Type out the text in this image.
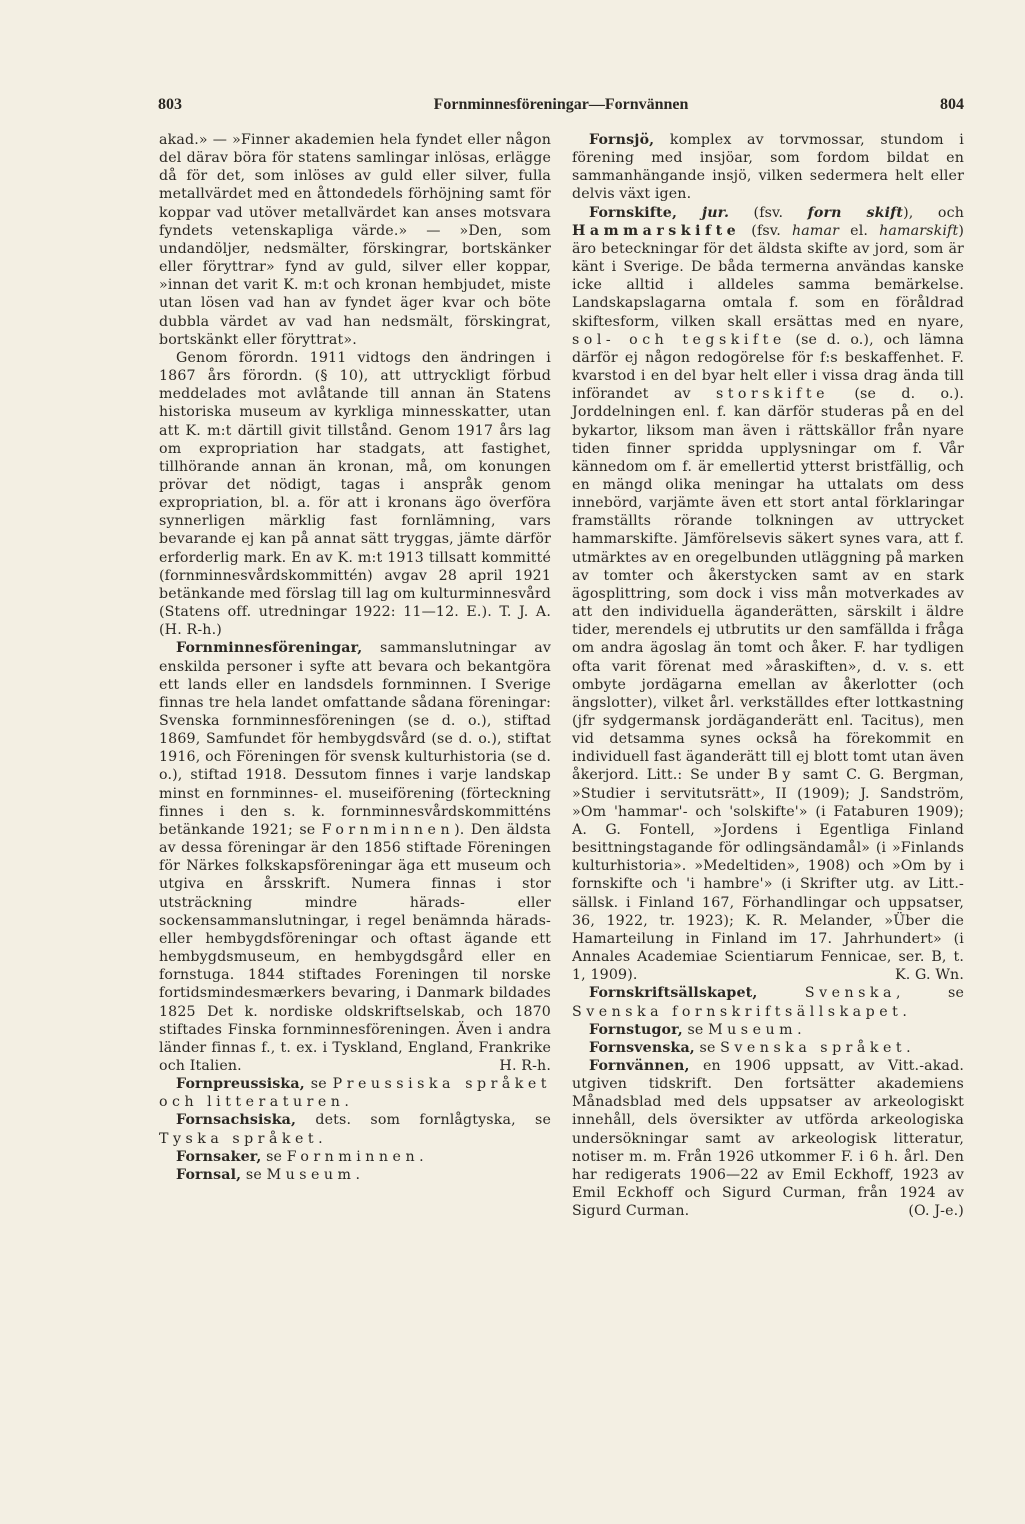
803	Fornminnesföreningar—Fornvännen	804

akad.» — »Finner akademien hela fyndet eller någon del därav böra för statens samlingar inlösas, erlägge då för det, som inlöses av guld eller silver, fulla metallvärdet med en åttondedels förhöjning samt för koppar vad utöver metallvärdet kan anses motsvara fyndets vetenskapliga värde.» — »Den, som undandöljer, nedsmälter, förskingrar, bortskänker eller föryttrar» fynd av guld, silver eller koppar, »innan det varit K. m:t och kronan hembjudet, miste utan lösen vad han av fyndet äger kvar och böte dubbla värdet av vad han nedsmält, förskingrat, bortskänkt eller föryttrat».

Genom förordn. 1911 vidtogs den ändringen i 1867 års förordn. (§ 10), att uttryckligt förbud meddelades mot avlåtande till annan än Statens historiska museum av kyrkliga minnesskatter, utan att K. m:t därtill givit tillstånd. Genom 1917 års lag om expropriation har stadgats, att fastighet, tillhörande annan än kronan, må, om konungen prövar det nödigt, tagas i anspråk genom expropriation, bl. a. för att i kronans ägo överföra synnerligen märklig fast fornlämning, vars bevarande ej kan på annat sätt tryggas, jämte därför erforderlig mark. En av K. m:t 1913 tillsatt kommitté (fornminnesvårdskommittén) avgav 28 april 1921 betänkande med förslag till lag om kulturminnesvård (Statens off. utredningar 1922: 11—12. E.). T. J. A. (H. R-h.)

Fornminnesföreningar, sammanslutningar av enskilda personer i syfte att bevara och bekantgöra ett lands eller en landsdels fornminnen. I Sverige finnas tre hela landet omfattande sådana föreningar: Svenska fornminnesföreningen (se d. o.), stiftad 1869, Samfundet för hembygdsvård (se d. o.), stiftat 1916, och Föreningen för svensk kulturhistoria (se d. o.), stiftad 1918. Dessutom finnes i varje landskap minst en fornminnes- el. museiförening (förteckning finnes i den s. k. fornminnesvårdskommitténs betänkande 1921; se Fornminnen). Den äldsta av dessa föreningar är den 1856 stiftade Föreningen för Närkes folkskapsföreningar äga ett museum och utgiva en årsskrift. Numera finnas i stor utsträckning mindre härads- eller sockensammanslutningar, i regel benämnda härads- eller hembygdsföreningar och oftast ägande ett hembygdsmuseum, en hembygdsgård eller en fornstuga. 1844 stiftades Foreningen til norske fortidsmindesmærkers bevaring, i Danmark bildades 1825 Det k. nordiske oldskriftselskab, och 1870 stiftades Finska fornminnesföreningen. Även i andra länder finnas f., t. ex. i Tyskland, England, Frankrike och Italien.	H. R-h.

Fornpreussiska, se Preussiska språket och litteraturen.

Fornsachsiska, dets. som fornlågtyska, se Tyska språket.

Fornsaker, se Fornminnen.

Fornsal, se Museum.

Fornsjö, komplex av torvmossar, stundom i förening med insjöar, som fordom bildat en sammanhängande insjö, vilken sedermera helt eller delvis växt igen.

Fornskifte, jur. (fsv. forn skift), och Hammarskifte (fsv. hamar el. hamarskift) äro beteckningar för det äldsta skifte av jord, som är känt i Sverige. De båda termerna användas kanske icke alltid i alldeles samma bemärkelse. Landskapslagarna omtala f. som en föråldrad skiftesform, vilken skall ersättas med en nyare, sol- och tegskifte (se d. o.), och lämna därför ej någon redogörelse för f:s beskaffenhet. F. kvarstod i en del byar helt eller i vissa drag ända till införandet av storskifte (se d. o.). Jorddelningen enl. f. kan därför studeras på en del bykartor, liksom man även i rättskällor från nyare tiden finner spridda upplysningar om f. Vår kännedom om f. är emellertid ytterst bristfällig, och en mängd olika meningar ha uttalats om dess innebörd, varjämte även ett stort antal förklaringar framställts rörande tolkningen av uttrycket hammarskifte. Jämförelsevis säkert synes vara, att f. utmärktes av en oregelbunden utläggning på marken av tomter och åkerstycken samt av en stark ägosplittring, som dock i viss mån motverkades av att den individuella äganderätten, särskilt i äldre tider, merendels ej utbrutits ur den samfällda i fråga om andra ägoslag än tomt och åker. F. har tydligen ofta varit förenat med »åraskiften», d. v. s. ett ombyte jordägarna emellan av åkerlotter (och ängslotter), vilket årl. verkställdes efter lottkastning (jfr sydgermansk jordäganderätt enl. Tacitus), men vid detsamma synes också ha förekommit en individuell fast äganderätt till ej blott tomt utan även åkerjord. Litt.: Se under By samt C. G. Bergman, »Studier i servitutsrätt», II (1909); J. Sandström, »Om 'hammar'- och 'solskifte'» (i Fataburen 1909); A. G. Fontell, »Jordens i Egentliga Finland besittningstagande för odlingsändamål» (i »Finlands kulturhistoria». »Medeltiden», 1908) och »Om by i fornskifte och 'i hambre'» (i Skrifter utg. av Litt.-sällsk. i Finland 167, Förhandlingar och uppsatser, 36, 1922, tr. 1923); K. R. Melander, »Über die Hamarteilung in Finland im 17. Jahrhundert» (i Annales Academiae Scientiarum Fennicae, ser. B, t. 1, 1909).	K. G. Wn.

Fornskriftsällskapet,	Svenska, se Svenska fornskriftsällskapet.

Fornstugor, se Museum.

Fornsvenska, se Svenska språket.

Fornvännen, en 1906 uppsatt, av Vitt.-akad. utgiven tidskrift. Den fortsätter akademiens Månadsblad med dels uppsatser av arkeologiskt innehåll, dels översikter av utförda arkeologiska undersökningar samt av arkeologisk litteratur, notiser m. m. Från 1926 utkommer F. i 6 h. årl. Den har redigerats 1906—22 av Emil Eckhoff, 1923 av Emil Eckhoff och Sigurd Curman, från 1924 av Sigurd Curman.	(O. J-e.)
